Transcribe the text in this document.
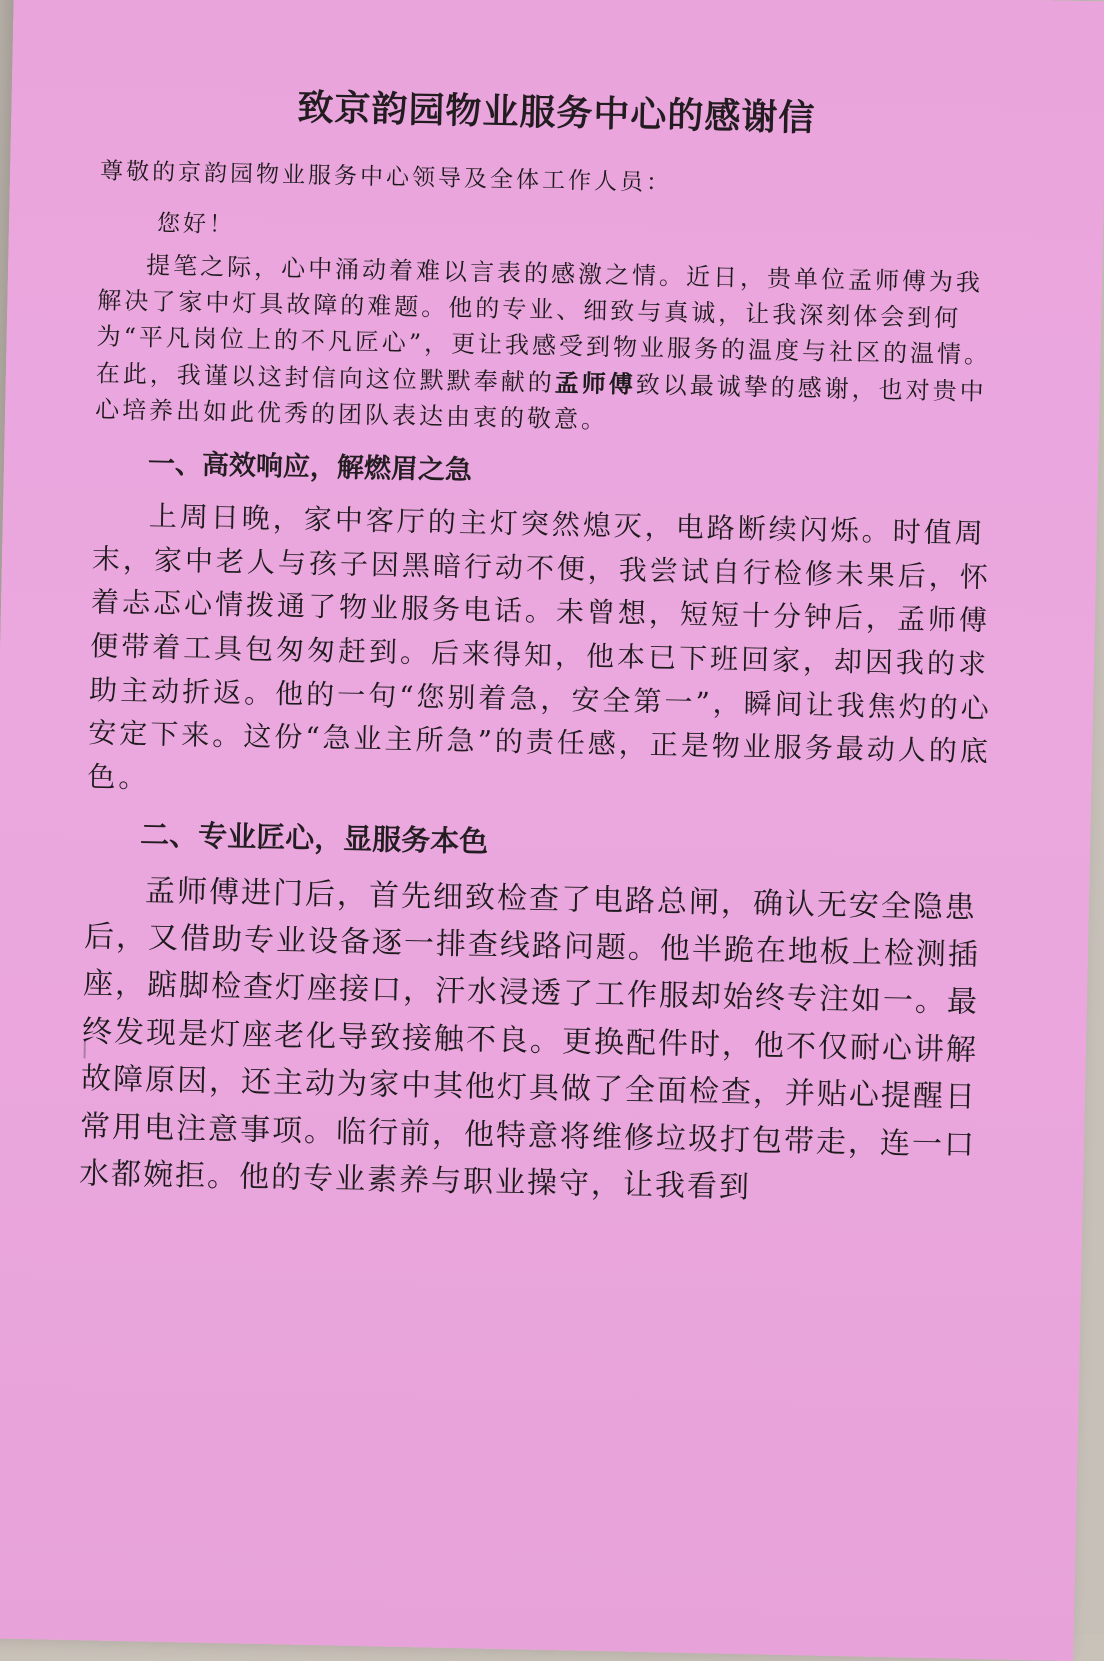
致京韵园物业服务中心的感谢信

尊敬的京韵园物业服务中心领导及全体工作人员：

您好！

提笔之际，心中涌动着难以言表的感激之情。近日，贵单位孟师傅为我解决了家中灯具故障的难题。他的专业、细致与真诚，让我深刻体会到何为“平凡岗位上的不凡匠心”，更让我感受到物业服务的温度与社区的温情。在此，我谨以这封信向这位默默奉献的孟师傅致以最诚挚的感谢，也对贵中心培养出如此优秀的团队表达由衷的敬意。

一、高效响应，解燃眉之急

上周日晚，家中客厅的主灯突然熄灭，电路断续闪烁。时值周末，家中老人与孩子因黑暗行动不便，我尝试自行检修未果后，怀着忐忑心情拨通了物业服务电话。未曾想，短短十分钟后，孟师傅便带着工具包匆匆赶到。后来得知，他本已下班回家，却因我的求助主动折返。他的一句“您别着急，安全第一”，瞬间让我焦灼的心安定下来。这份“急业主所急”的责任感，正是物业服务最动人的底色。

二、专业匠心，显服务本色

孟师傅进门后，首先细致检查了电路总闸，确认无安全隐患后，又借助专业设备逐一排查线路问题。他半跪在地板上检测插座，踮脚检查灯座接口，汗水浸透了工作服却始终专注如一。最终发现是灯座老化导致接触不良。更换配件时，他不仅耐心讲解故障原因，还主动为家中其他灯具做了全面检查，并贴心提醒日常用电注意事项。临行前，他特意将维修垃圾打包带走，连一口水都婉拒。他的专业素养与职业操守，让我看到
